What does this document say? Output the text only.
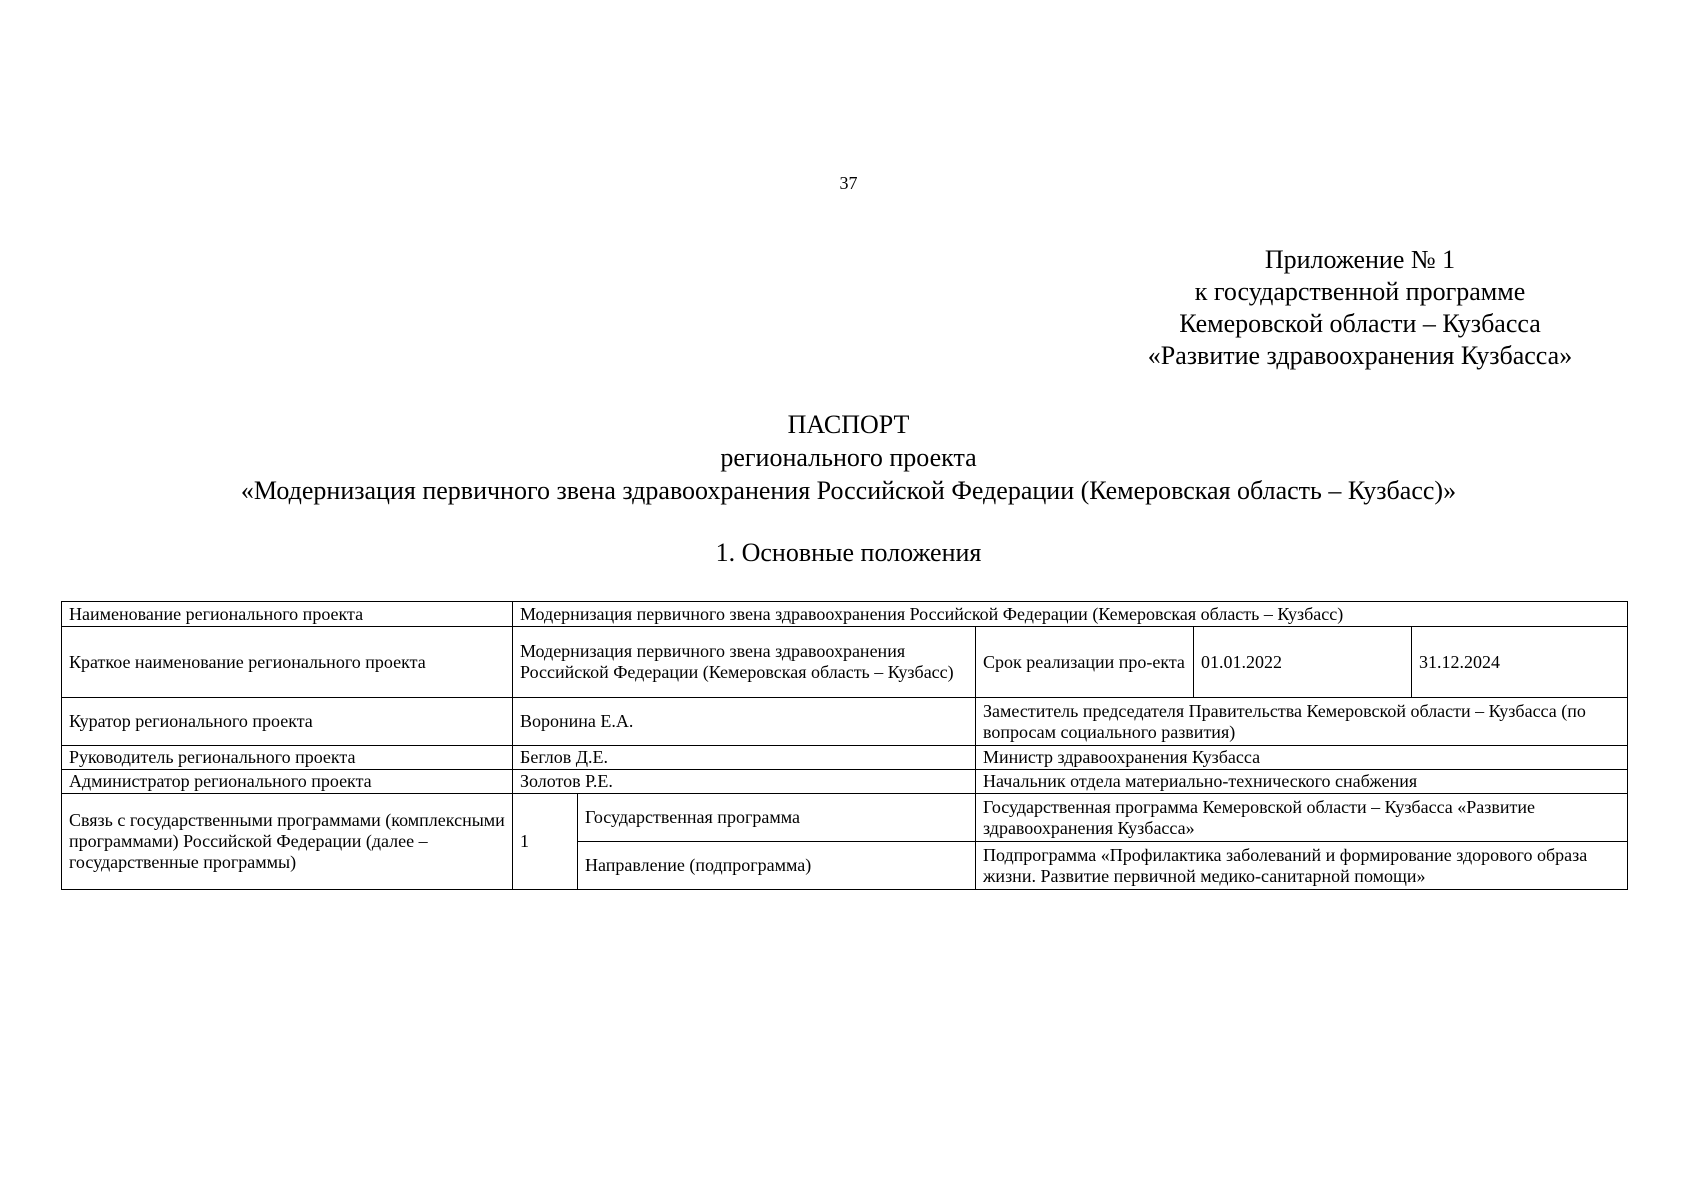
37
Приложение № 1
к государственной программе
Кемеровской области – Кузбасса
«Развитие здравоохранения Кузбасса»
ПАСПОРТ
регионального проекта
«Модернизация первичного звена здравоохранения Российской Федерации (Кемеровская область – Кузбасс)»
1. Основные положения
Наименование регионального проекта	Модернизация первичного звена здравоохранения Российской Федерации (Кемеровская область – Кузбасс)				
Краткое наименование регионального проекта	Модернизация первичного звена здравоохранения Российской Федерации (Кемеровская область – Кузбасс)		Срок реализации про-екта	01.01.2022	31.12.2024
Куратор регионального проекта	Воронина Е.А.		Заместитель председателя Правительства Кемеровской области – Кузбасса (по вопросам социального развития)		
Руководитель регионального проекта	Беглов Д.Е.		Министр здравоохранения Кузбасса		
Администратор регионального проекта	Золотов Р.Е.		Начальник отдела материально-технического снабжения		
Связь с государственными программами (комплексными программами) Российской Федерации (далее – государственные программы)	1	Государственная программа	Государственная программа Кемеровской области – Кузбасса «Развитие здравоохранения Кузбасса»		
		Направление (подпрограмма)	Подпрограмма «Профилактика заболеваний и формирование здорового образа жизни. Развитие первичной медико-санитарной помощи»		
